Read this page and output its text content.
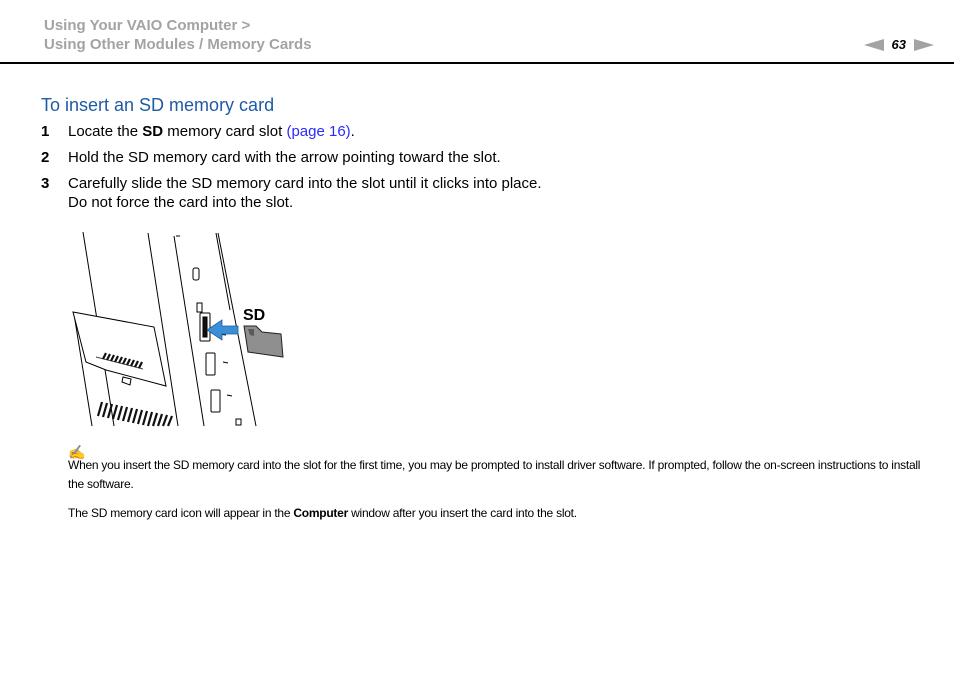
Using Your VAIO Computer >
Using Other Modules / Memory Cards	63
To insert an SD memory card
1 Locate the SD memory card slot (page 16).
2 Hold the SD memory card with the arrow pointing toward the slot.
3 Carefully slide the SD memory card into the slot until it clicks into place.
Do not force the card into the slot.
SD
✍
When you insert the SD memory card into the slot for the first time, you may be prompted to install driver software. If prompted, follow the on-screen instructions to install the software.
The SD memory card icon will appear in the Computer window after you insert the card into the slot.
